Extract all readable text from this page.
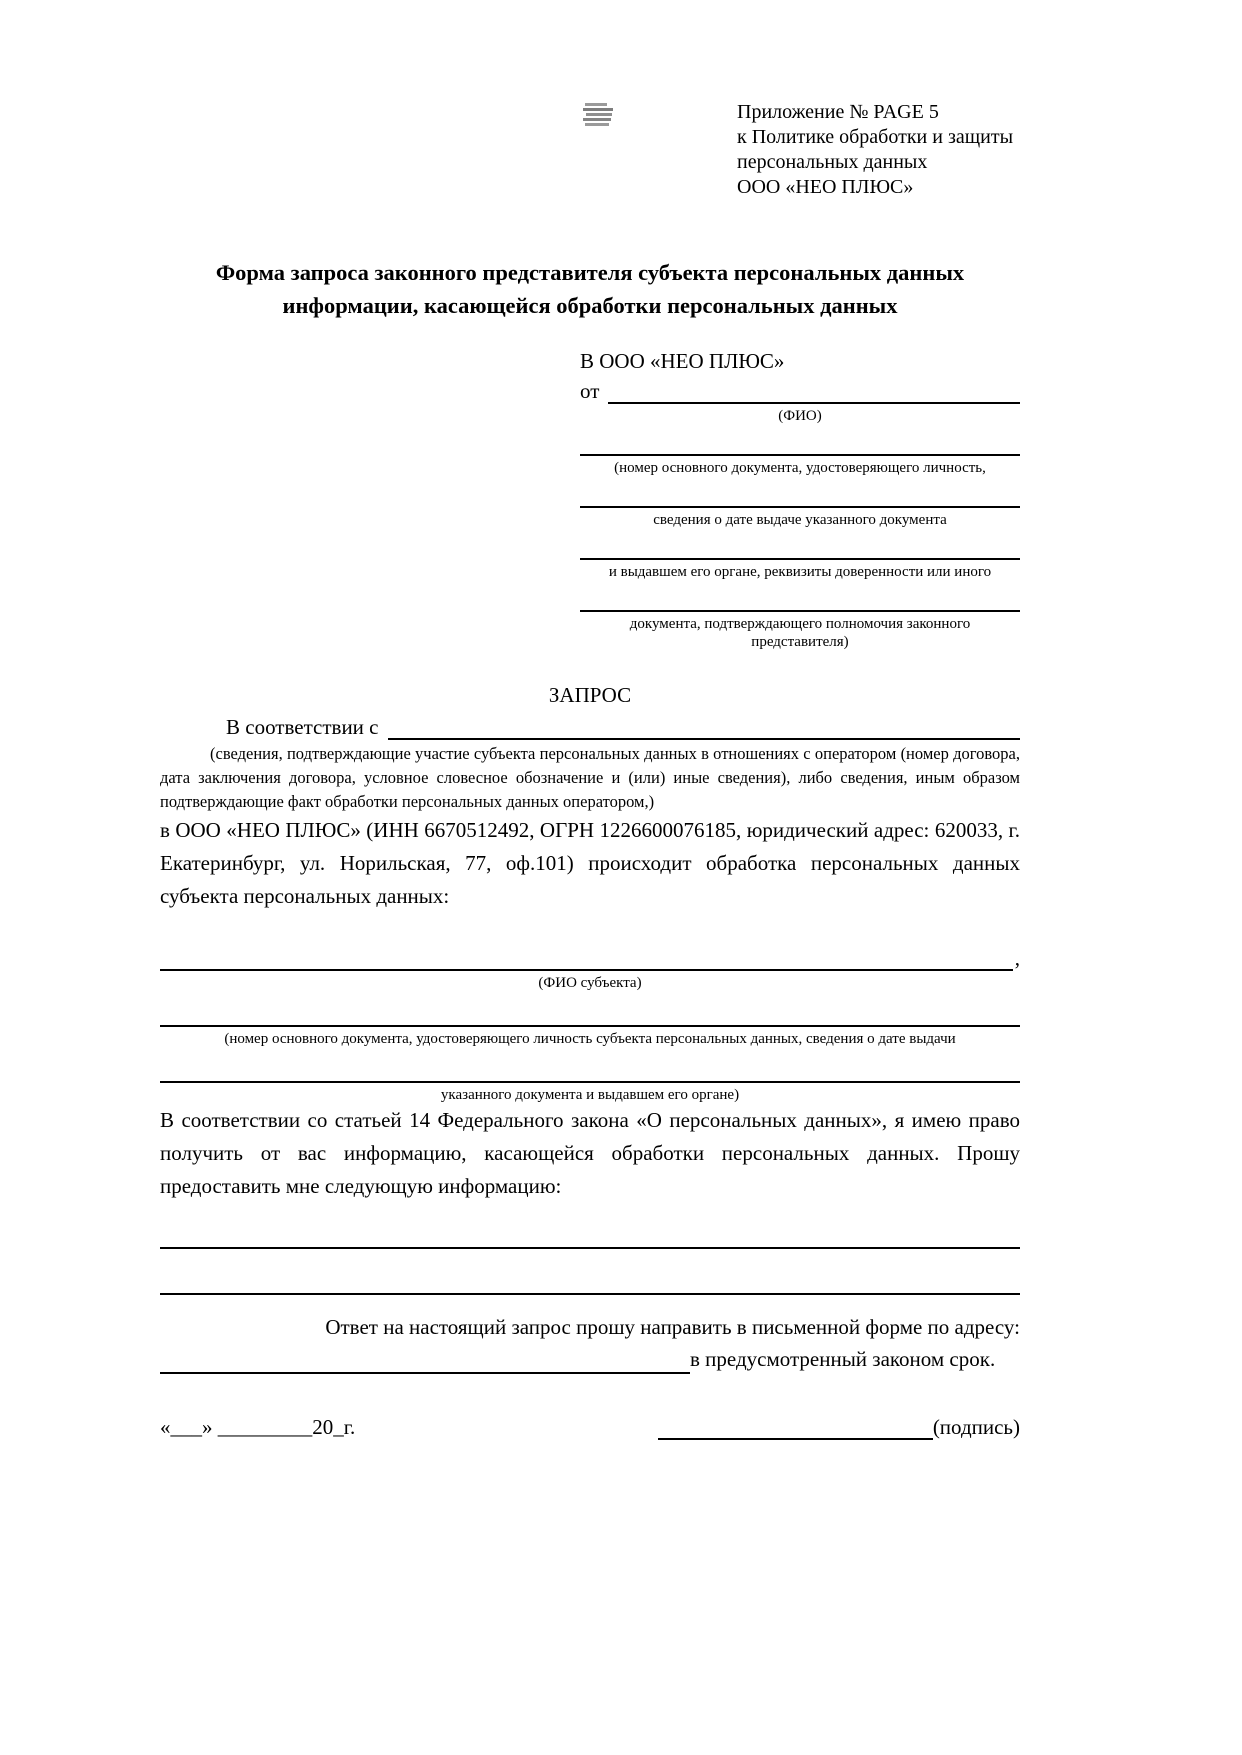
Приложение № PAGE 5
к Политике обработки и защиты
персональных данных
ООО «НЕО ПЛЮС»
Форма запроса законного представителя субъекта персональных данных
информации, касающейся обработки персональных данных
В ООО «НЕО ПЛЮС»
от
(ФИО)
(номер основного документа, удостоверяющего личность,
сведения о дате выдаче указанного документа
и выдавшем его органе, реквизиты доверенности или иного
документа, подтверждающего полномочия законного представителя)
ЗАПРОС
В соответствии с
(сведения, подтверждающие участие субъекта персональных данных в отношениях с оператором (номер договора, дата заключения договора, условное словесное обозначение и (или) иные сведения), либо сведения, иным образом подтверждающие факт обработки персональных данных оператором,)
в ООО «НЕО ПЛЮС» (ИНН 6670512492, ОГРН 1226600076185, юридический адрес: 620033, г. Екатеринбург, ул. Норильская, 77, оф.101) происходит обработка персональных данных субъекта персональных данных:
,
(ФИО субъекта)
(номер основного документа, удостоверяющего личность субъекта персональных данных, сведения о дате выдачи
указанного документа и выдавшем его органе)
В соответствии со статьей 14 Федерального закона «О персональных данных», я имею право получить от вас информацию, касающейся обработки персональных данных. Прошу предоставить мне следующую информацию:
Ответ на настоящий запрос прошу направить в письменной форме по адресу:
в предусмотренный законом срок.
«___» _________20_г.	(подпись)
